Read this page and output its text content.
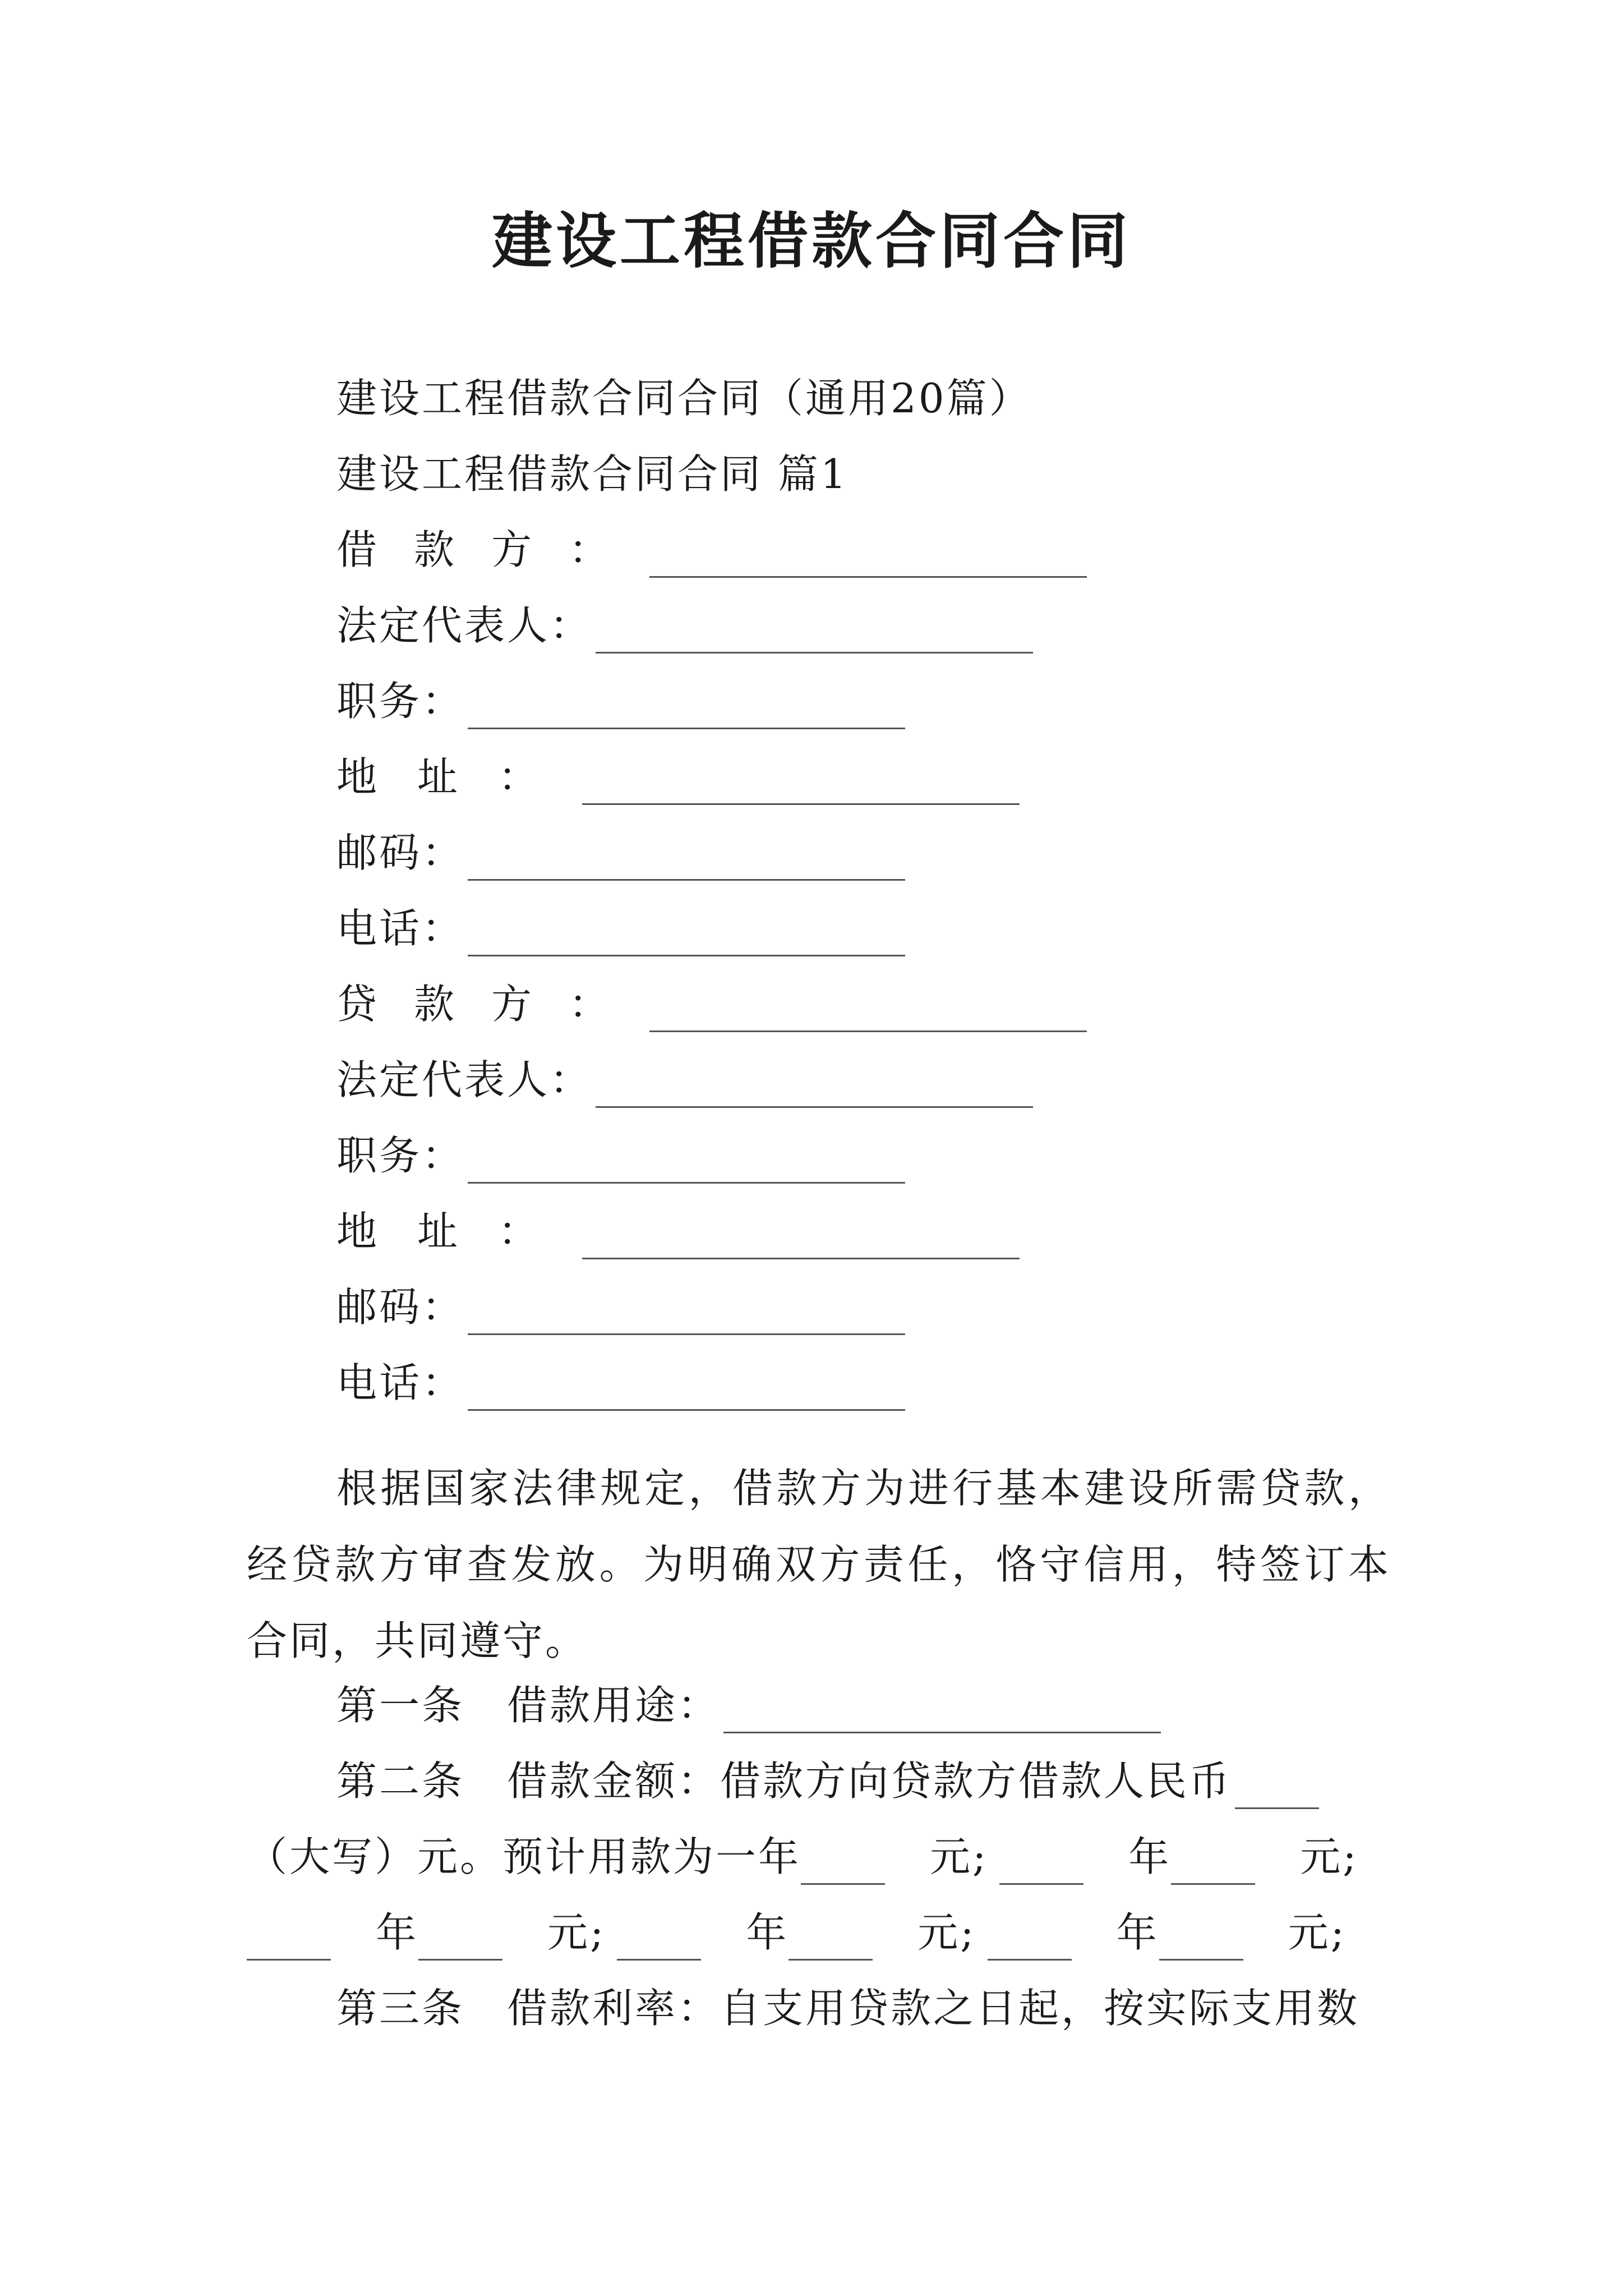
建设工程借款合同合同
建设工程借款合同合同（通用20篇）
建设工程借款合同合同 篇1
借款方：
法定代表人：
职务：
地址：
邮码：
电话：
贷款方：
法定代表人：
职务：
地址：
邮码：
电话：
根据国家法律规定，借款方为进行基本建设所需贷款，经贷款方审查发放。为明确双方责任，恪守信用，特签订本合同，共同遵守。
第一条　借款用途：
第二条　借款金额：借款方向贷款方借款人民币
（大写）元。预计用款为一年	元;	年	元;
年	元;	年	元;	年	元;
第三条　借款利率：自支用贷款之日起，按实际支用数
